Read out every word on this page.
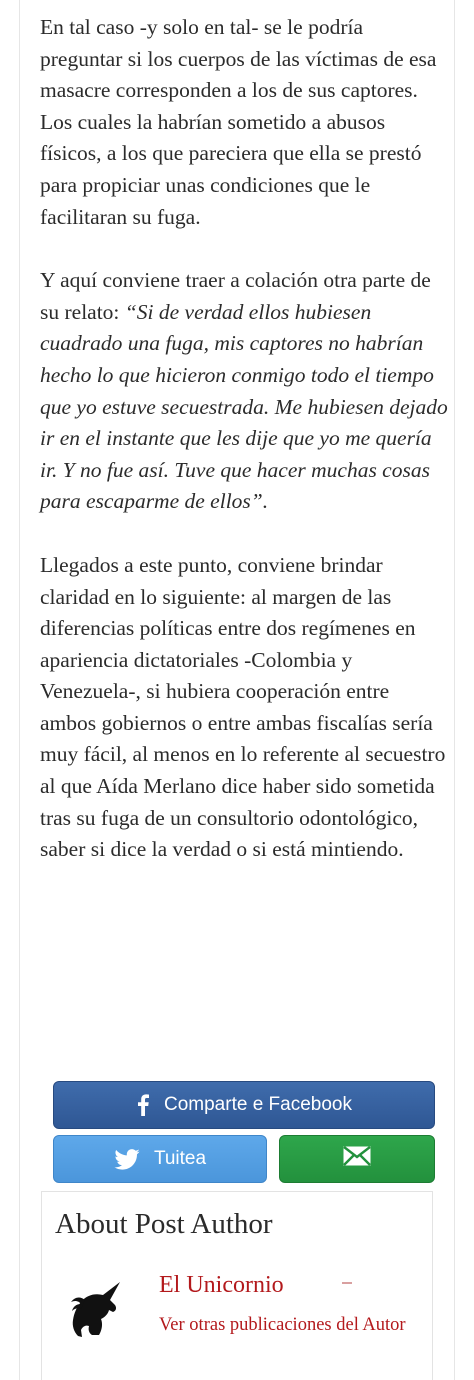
En tal caso -y solo en tal- se le podría preguntar si los cuerpos de las víctimas de esa masacre corresponden a los de sus captores. Los cuales la habrían sometido a abusos físicos, a los que pareciera que ella se prestó para propiciar unas condiciones que le facilitaran su fuga.

Y aquí conviene traer a colación otra parte de su relato: “Si de verdad ellos hubiesen cuadrado una fuga, mis captores no habrían hecho lo que hicieron conmigo todo el tiempo que yo estuve secuestrada. Me hubiesen dejado ir en el instante que les dije que yo me quería ir. Y no fue así. Tuve que hacer muchas cosas para escaparme de ellos”.

Llegados a este punto, conviene brindar claridad en lo siguiente: al margen de las diferencias políticas entre dos regímenes en apariencia dictatoriales -Colombia y Venezuela-, si hubiera cooperación entre ambos gobiernos o entre ambas fiscalías sería muy fácil, al menos en lo referente al secuestro al que Aída Merlano dice haber sido sometida tras su fuga de un consultorio odontológico, saber si dice la verdad o si está mintiendo.

Comparte e Facebook
Tuitea
About Post Author
El Unicornio
Ver otras publicaciones del Autor
